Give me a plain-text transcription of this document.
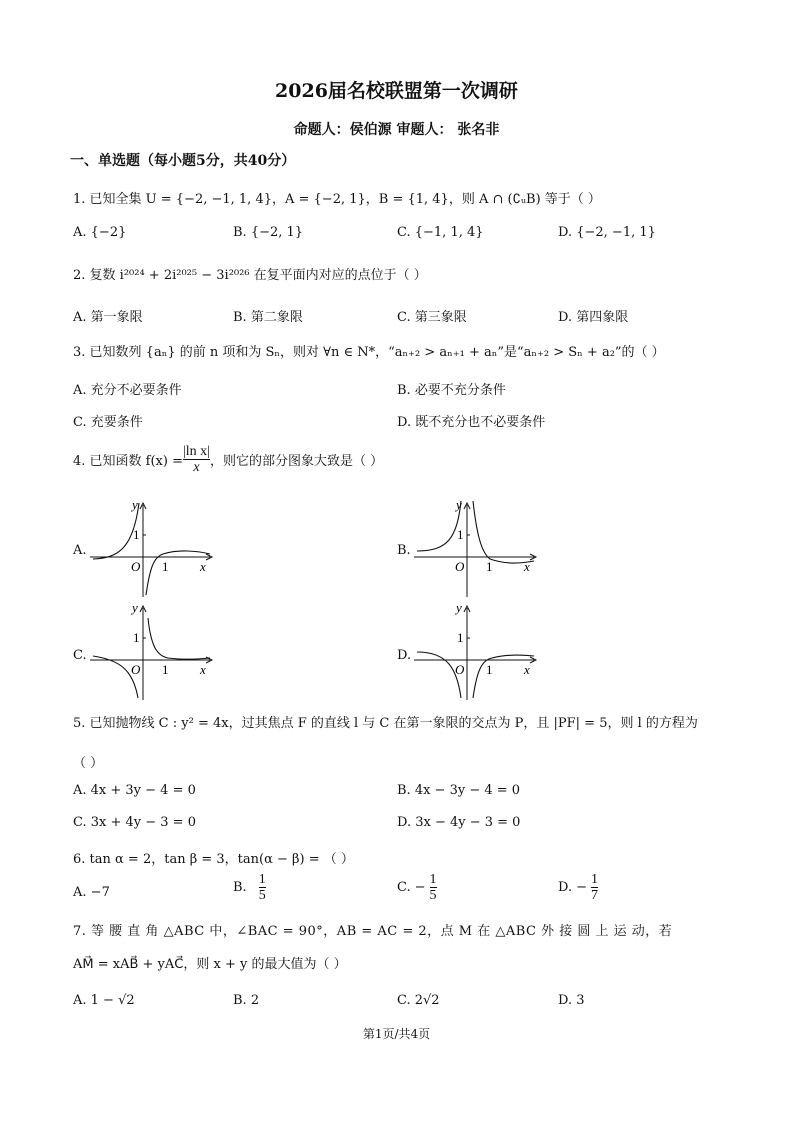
2026届名校联盟第一次调研
命题人：侯伯源 审题人： 张名非
一、单选题（每小题5分，共40分）
1. 已知全集 U = {−2, −1, 1, 4}，A = {−2, 1}，B = {1, 4}，则 A ∩ (∁ᵤB) 等于（ ）
A. {−2}	B. {−2, 1}	C. {−1, 1, 4}	D. {−2, −1, 1}
2. 复数 i²⁰²⁴ + 2i²⁰²⁵ − 3i²⁰²⁶ 在复平面内对应的点位于（ ）
A. 第一象限	B. 第二象限	C. 第三象限	D. 第四象限
3. 已知数列 {aₙ} 的前 n 项和为 Sₙ，则对 ∀n ∈ N*，“aₙ₊₂ > aₙ₊₁ + aₙ”是“aₙ₊₂ > Sₙ + a₂”的（ ）
A. 充分不必要条件	B. 必要不充分条件
C. 充要条件	D. 既不充分也不必要条件
4. 已知函数 $f(x) = \frac{\text{|ln x|}}{x}$ ，则它的部分图象大致是（ ）
A.	B.
C.	D.
y
x
O
1
1
y
x
O
1
1
y
x
O
1
1
y
x
O
1
1
5. 已知抛物线 C : y² = 4x，过其焦点 F 的直线 l 与 C 在第一象限的交点为 P，且 |PF| = 5，则 l 的方程为
（ ）
A. 4x + 3y − 4 = 0	B. 4x − 3y − 4 = 0
C. 3x + 4y − 3 = 0	D. 3x − 4y − 3 = 0
6. tan α = 2，tan β = 3，tan(α − β) = （ ）
A. −7	B. $\frac{1}{5}$	C. − $\frac{1}{5}$	D. − $\frac{1}{7}$
7. 等 腰 直 角 △ABC 中，∠BAC = 90°，AB = AC = 2，点 M 在 △ABC 外 接 圆 上 运 动，若
AM⃗ = xAB⃗ + yAC⃗，则 x + y 的最大值为（ ）
A. 1 − √2	B. 2	C. 2√2	D. 3
第1页/共4页
